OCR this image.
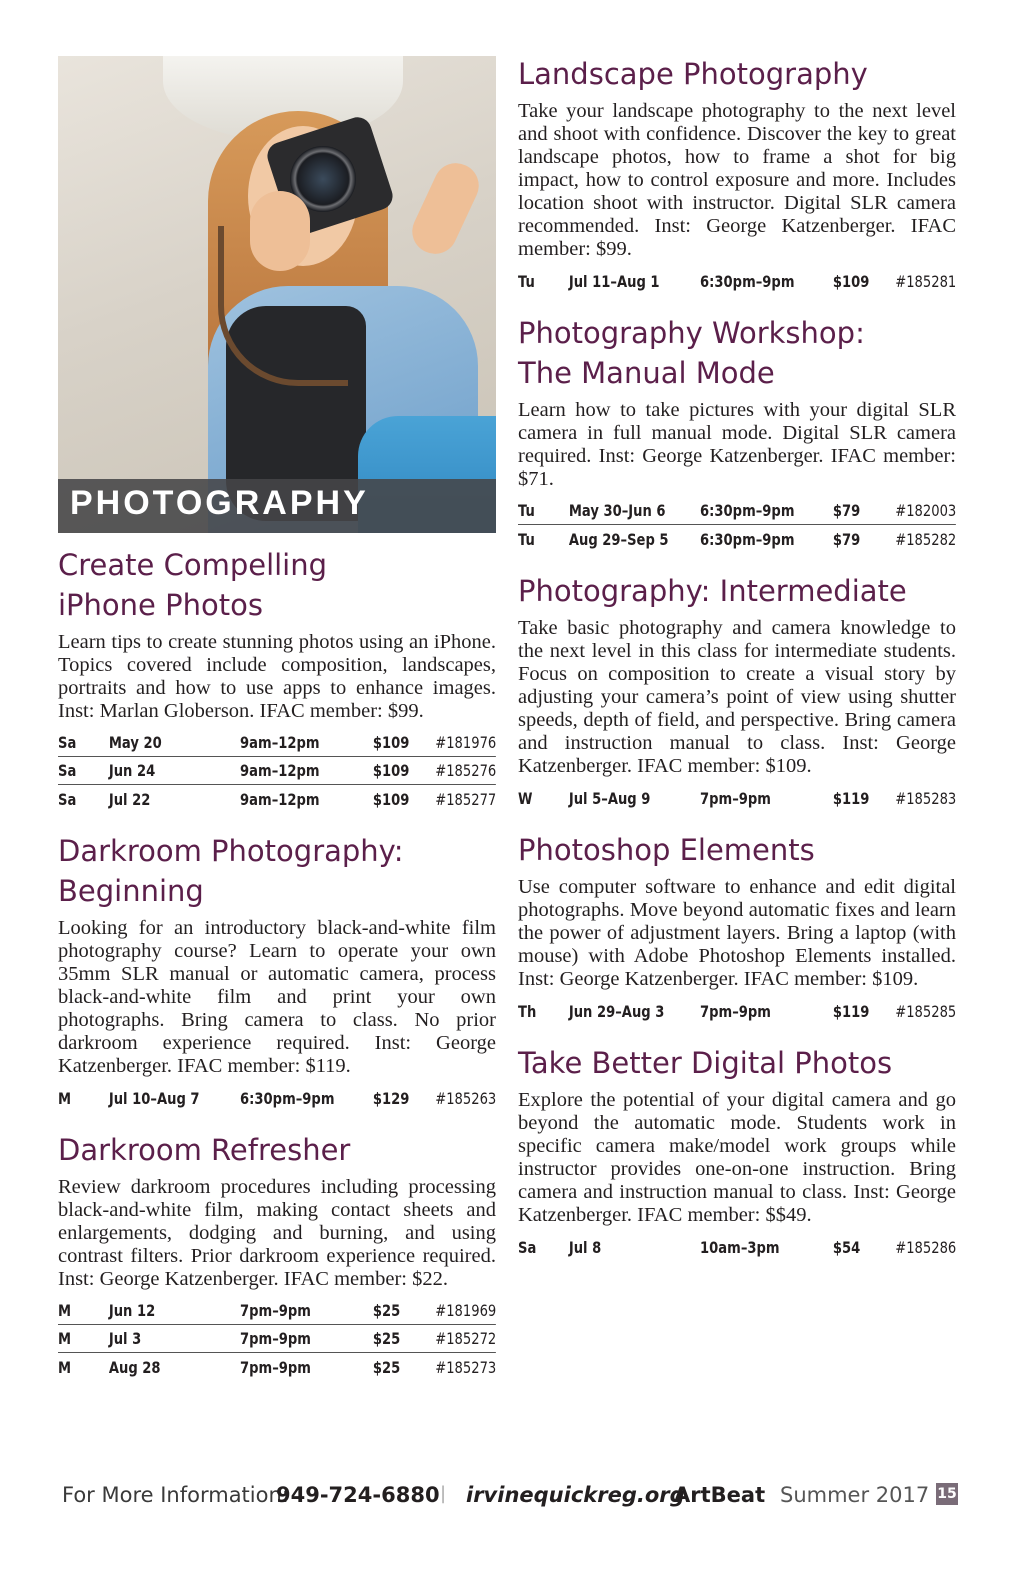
PHOTOGRAPHY
Create Compelling
iPhone Photos

Learn tips to create stunning photos using an iPhone. Topics covered include composition, landscapes, portraits and how to use apps to enhance images. Inst: Marlan Globerson. IFAC member: $99.

Sa	May 20	9am–12pm	$109	#181976
Sa	Jun 24	9am–12pm	$109	#185276
Sa	Jul 22	9am–12pm	$109	#185277
Darkroom Photography:
Beginning

Looking for an introductory black-and-white film photography course? Learn to operate your own 35mm SLR manual or automatic camera, process black-and-white film and print your own photographs. Bring camera to class. No prior darkroom experience required. Inst: George Katzenberger. IFAC member: $119.

M	Jul 10–Aug 7	6:30pm–9pm	$129	#185263
Darkroom Refresher

Review darkroom procedures including processing black-and-white film, making contact sheets and enlargements, dodging and burning, and using contrast filters. Prior darkroom experience required. Inst: George Katzenberger. IFAC member: $22.

M	Jun 12	7pm–9pm	$25	#181969
M	Jul 3	7pm–9pm	$25	#185272
M	Aug 28	7pm–9pm	$25	#185273
Landscape Photography

Take your landscape photography to the next level and shoot with confidence. Discover the key to great landscape photos, how to frame a shot for big impact, how to control exposure and more. Includes location shoot with instructor. Digital SLR camera recommended. Inst: George Katzenberger. IFAC member: $99.

Tu	Jul 11–Aug 1	6:30pm–9pm	$109	#185281
Photography Workshop:
The Manual Mode

Learn how to take pictures with your digital SLR camera in full manual mode. Digital SLR camera required. Inst: George Katzenberger. IFAC member: $71.

Tu	May 30–Jun 6	6:30pm–9pm	$79	#182003
Tu	Aug 29–Sep 5	6:30pm–9pm	$79	#185282
Photography: Intermediate

Take basic photography and camera knowledge to the next level in this class for intermediate students. Focus on composition to create a visual story by adjusting your camera’s point of view using shutter speeds, depth of field, and perspective. Bring camera and instruction manual to class. Inst: George Katzenberger. IFAC member: $109.

W	Jul 5–Aug 9	7pm–9pm	$119	#185283
Photoshop Elements

Use computer software to enhance and edit digital photographs. Move beyond automatic fixes and learn the power of adjustment layers. Bring a laptop (with mouse) with Adobe Photoshop Elements installed. Inst: George Katzenberger. IFAC member: $109.

Th	Jun 29–Aug 3	7pm–9pm	$119	#185285
Take Better Digital Photos

Explore the potential of your digital camera and go beyond the automatic mode. Students work in specific camera make/model work groups while instructor provides one-on-one instruction. Bring camera and instruction manual to class. Inst: George Katzenberger. IFAC member: $$49.

Sa	Jul 8	10am–3pm	$54	#185286
For More Information:
949-724-6880 | irvinequickreg.org
ArtBeat Summer 2017 15
